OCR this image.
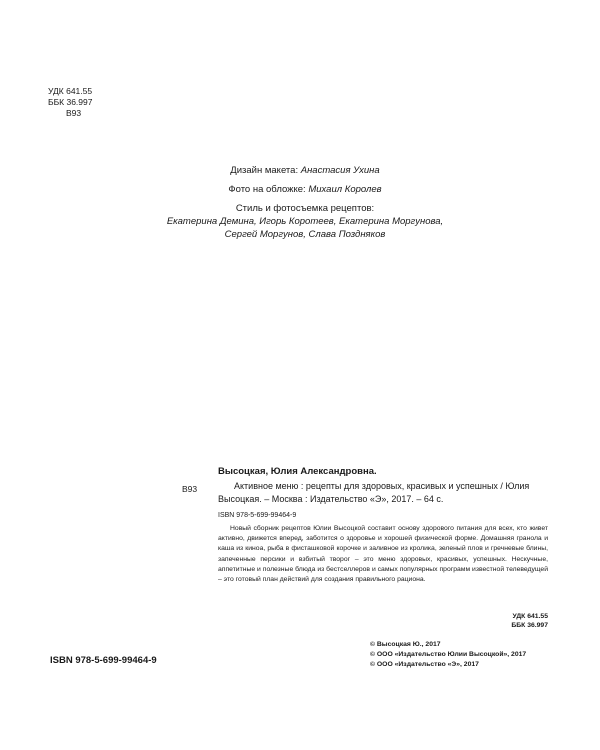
УДК 641.55
ББК 36.997
В93
Дизайн макета: Анастасия Ухина
Фото на обложке: Михаил Королев
Стиль и фотосъемка рецептов:
Екатерина Демина, Игорь Коротеев, Екатерина Моргунова,
Сергей Моргунов, Слава Поздняков
Высоцкая, Юлия Александровна.
В93	Активное меню : рецепты для здоровых, красивых и успешных / Юлия
Высоцкая. – Москва : Издательство «Э», 2017. – 64 с.
ISBN 978-5-699-99464-9
Новый сборник рецептов Юлии Высоцкой составит основу здорового питания для всех, кто живет активно, движется вперед, заботится о здоровье и хорошей физической форме. Домашняя гранола и каша из киноа, рыба в фисташковой корочке и заливное из кролика, зеленый плов и гречневые блины, запеченные персики и взбитый творог – это меню здоровых, красивых, успешных. Нескучные, аппетитные и полезные блюда из бестселлеров и самых популярных программ известной телеведущей – это готовый план действий для создания правильного рациона.
УДК 641.55
ББК 36.997
ISBN 978-5-699-99464-9
© Высоцкая Ю., 2017
© ООО «Издательство Юлии Высоцкой», 2017
© ООО «Издательство «Э», 2017
